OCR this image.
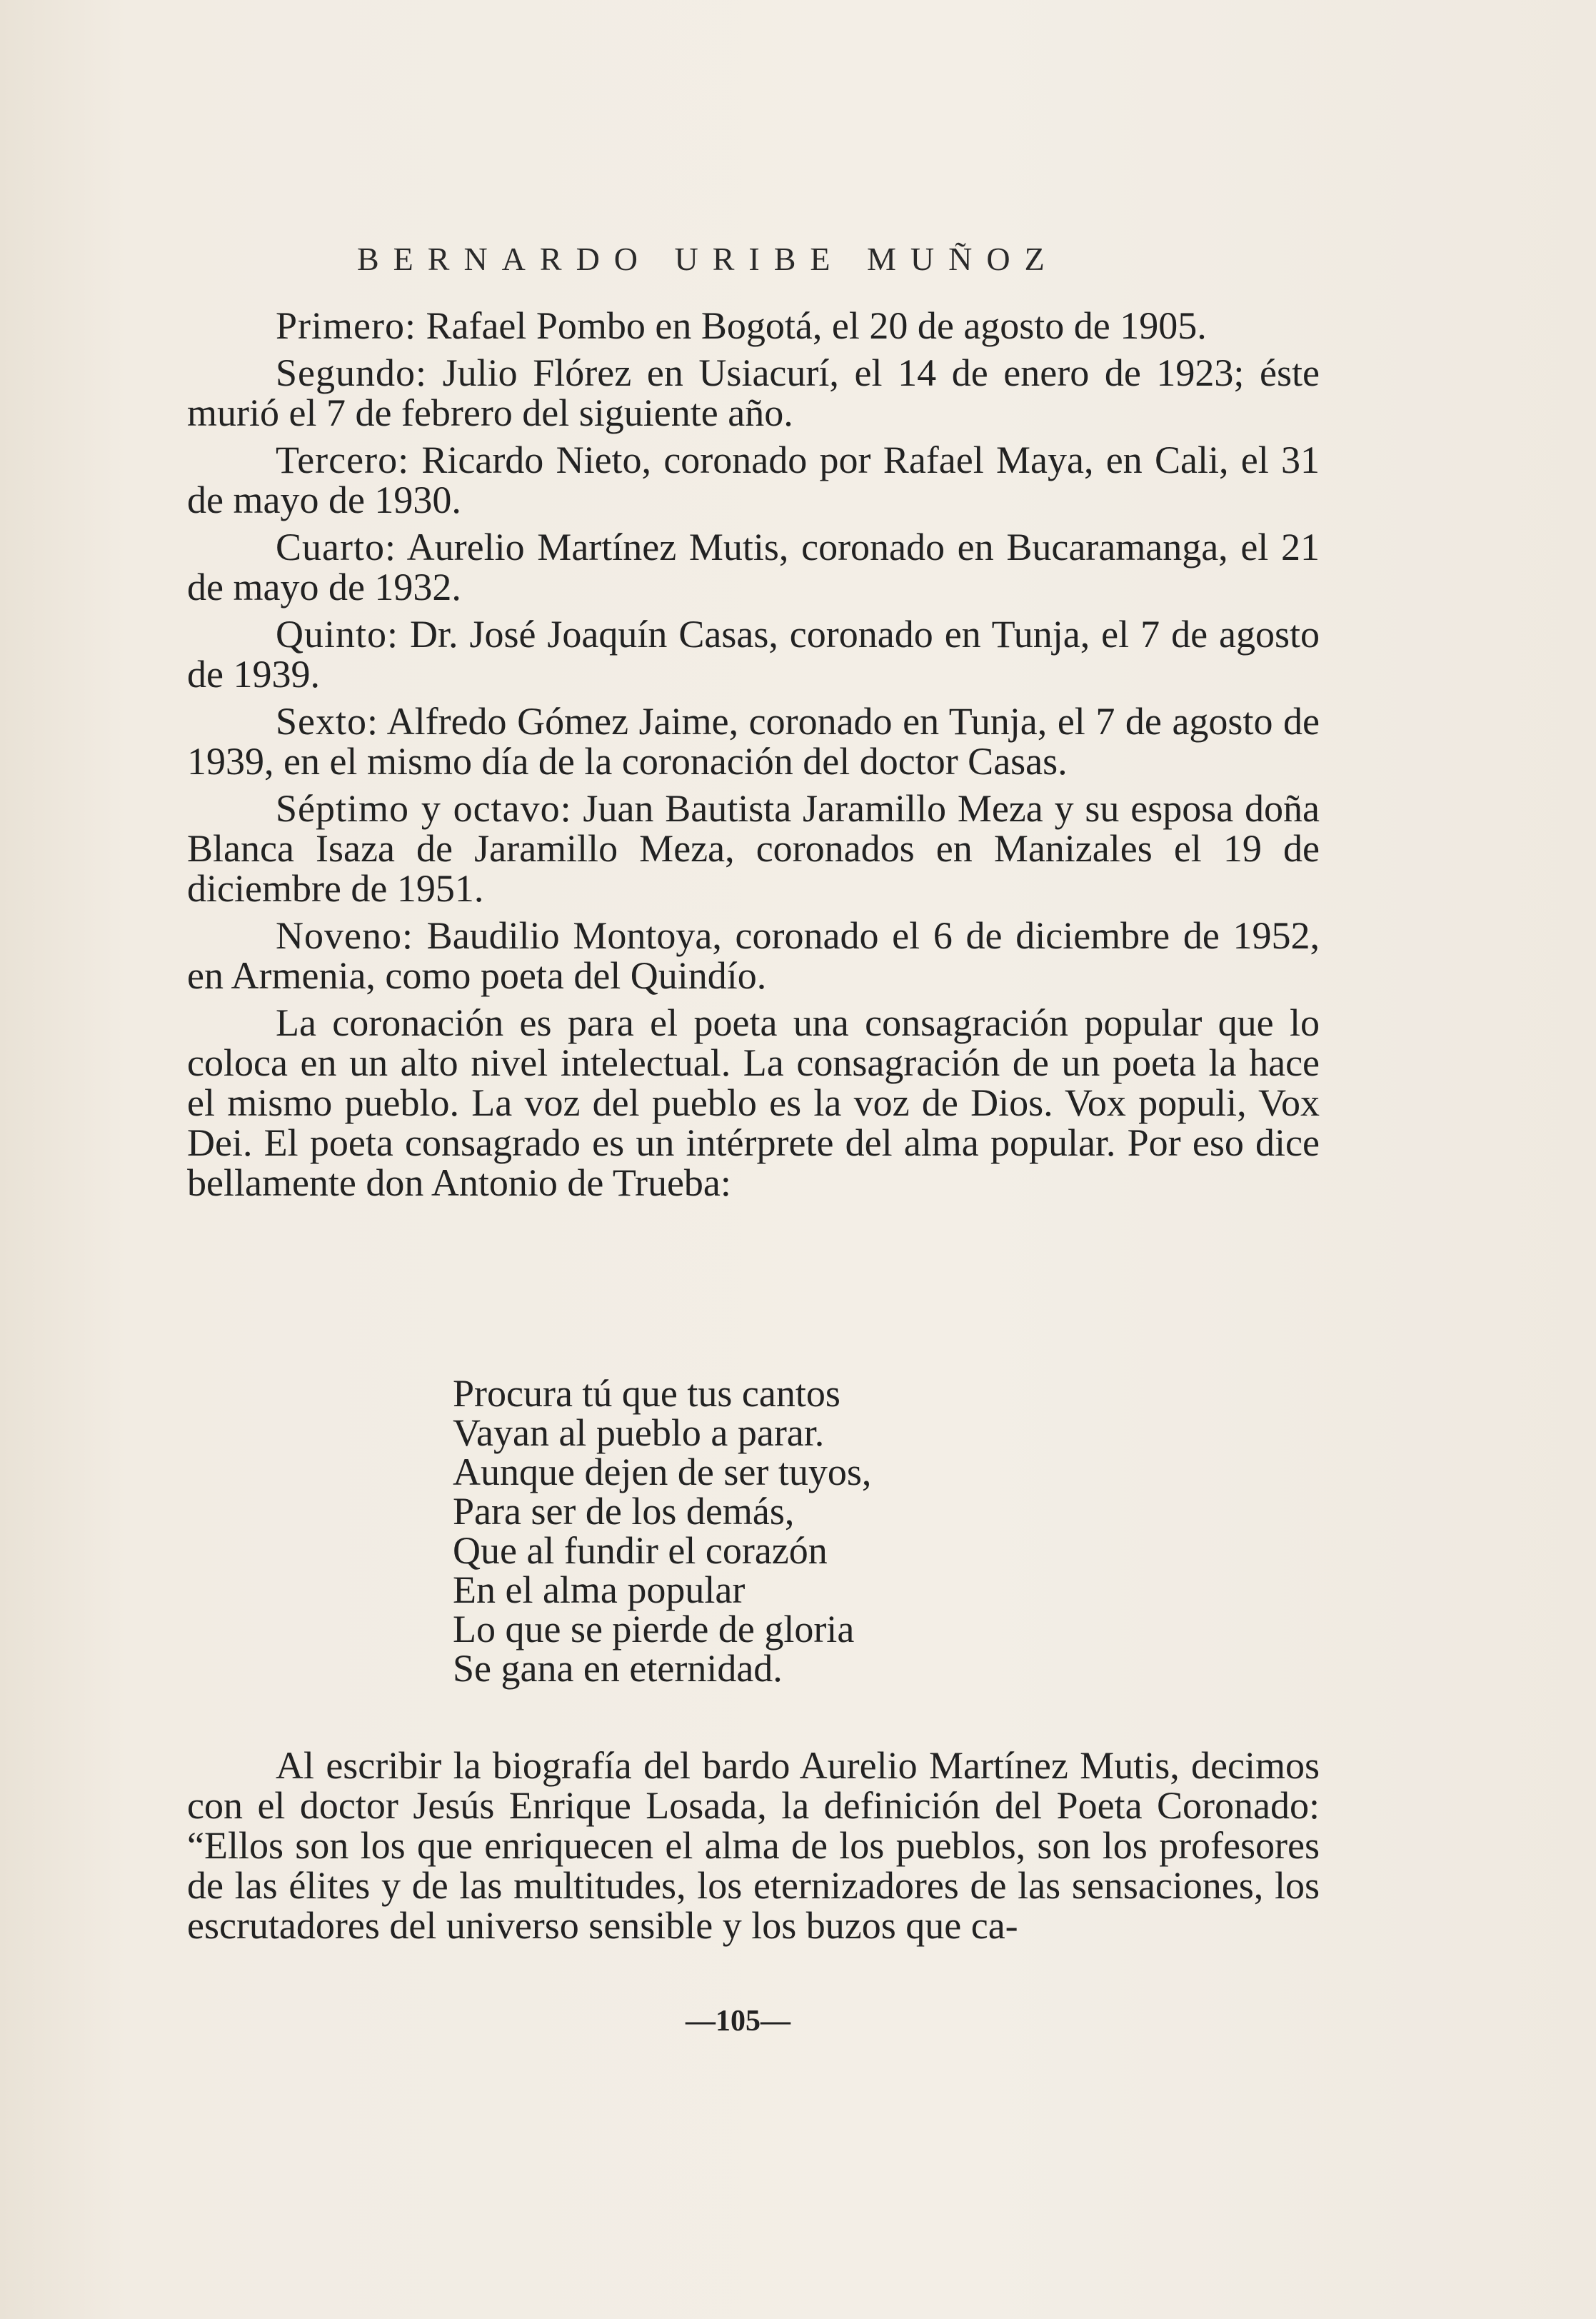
BERNARDO URIBE MUÑOZ

Primero: Rafael Pombo en Bogotá, el 20 de agosto de 1905.

Segundo: Julio Flórez en Usiacurí, el 14 de enero de 1923; éste murió el 7 de febrero del siguiente año.

Tercero: Ricardo Nieto, coronado por Rafael Maya, en Cali, el 31 de mayo de 1930.

Cuarto: Aurelio Martínez Mutis, coronado en Bucaramanga, el 21 de mayo de 1932.

Quinto: Dr. José Joaquín Casas, coronado en Tunja, el 7 de agosto de 1939.

Sexto: Alfredo Gómez Jaime, coronado en Tunja, el 7 de agosto de 1939, en el mismo día de la coronación del doctor Casas.

Séptimo y octavo: Juan Bautista Jaramillo Meza y su esposa doña Blanca Isaza de Jaramillo Meza, coronados en Manizales el 19 de diciembre de 1951.

Noveno: Baudilio Montoya, coronado el 6 de diciembre de 1952, en Armenia, como poeta del Quindío.

La coronación es para el poeta una consagración popular que lo coloca en un alto nivel intelectual. La consagración de un poeta la hace el mismo pueblo. La voz del pueblo es la voz de Dios. Vox populi, Vox Dei. El poeta consagrado es un intérprete del alma popular. Por eso dice bellamente don Antonio de Trueba:

Procura tú que tus cantos
Vayan al pueblo a parar.
Aunque dejen de ser tuyos,
Para ser de los demás,
Que al fundir el corazón
En el alma popular
Lo que se pierde de gloria
Se gana en eternidad.

Al escribir la biografía del bardo Aurelio Martínez Mutis, decimos con el doctor Jesús Enrique Losada, la definición del Poeta Coronado: “Ellos son los que enriquecen el alma de los pueblos, son los profesores de las élites y de las multitudes, los eternizadores de las sensaciones, los escrutadores del universo sensible y los buzos que ca-

—105—
